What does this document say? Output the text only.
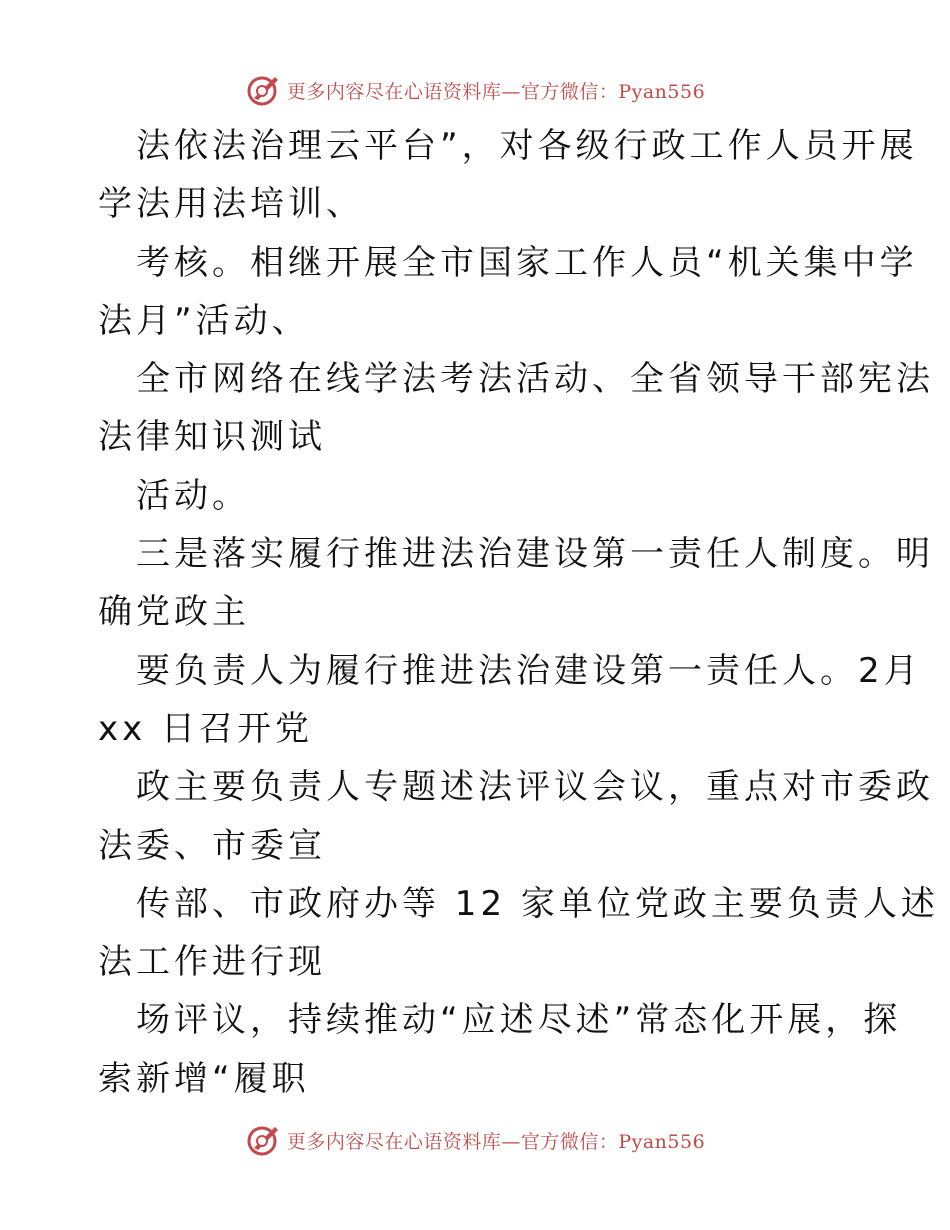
更多内容尽在心语资料库—官方微信：Pyan556
法依法治理云平台”，对各级行政工作人员开展
学法用法培训、
考核。相继开展全市国家工作人员“机关集中学
法月”活动、
全市网络在线学法考法活动、全省领导干部宪法
法律知识测试
活动。
三是落实履行推进法治建设第一责任人制度。明
确党政主
要负责人为履行推进法治建设第一责任人。2月
xx 日召开党
政主要负责人专题述法评议会议，重点对市委政
法委、市委宣
传部、市政府办等 12 家单位党政主要负责人述
法工作进行现
场评议，持续推动“应述尽述”常态化开展，探
索新增“履职
更多内容尽在心语资料库—官方微信：Pyan556
